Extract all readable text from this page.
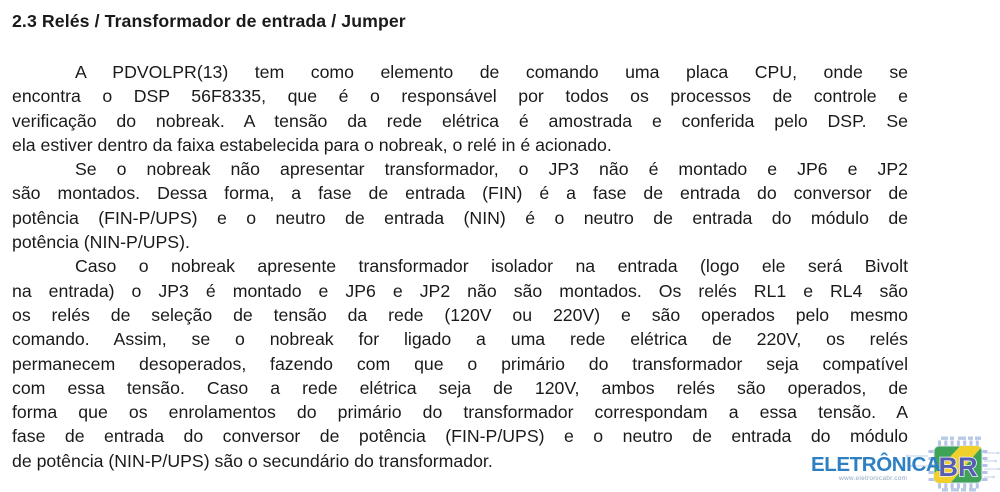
2.3 Relés / Transformador de entrada / Jumper
A PDVOLPR(13) tem como elemento de comando uma placa CPU, onde se
encontra o DSP 56F8335, que é o responsável por todos os processos de controle e
verificação do nobreak. A tensão da rede elétrica é amostrada e conferida pelo DSP. Se
ela estiver dentro da faixa estabelecida para o nobreak, o relé in é acionado.
Se o nobreak não apresentar transformador, o JP3 não é montado e JP6 e JP2
são montados. Dessa forma, a fase de entrada (FIN) é a fase de entrada do conversor de
potência (FIN-P/UPS) e o neutro de entrada (NIN) é o neutro de entrada do módulo de
potência (NIN-P/UPS).
Caso o nobreak apresente transformador isolador na entrada (logo ele será Bivolt
na entrada) o JP3 é montado e JP6 e JP2 não são montados. Os relés RL1 e RL4 são
os relés de seleção de tensão da rede (120V ou 220V) e são operados pelo mesmo
comando. Assim, se o nobreak for ligado a uma rede elétrica de 220V, os relés
permanecem desoperados, fazendo com que o primário do transformador seja compatível
com essa tensão. Caso a rede elétrica seja de 120V, ambos relés são operados, de
forma que os enrolamentos do primário do transformador correspondam a essa tensão. A
fase de entrada do conversor de potência (FIN-P/UPS) e o neutro de entrada do módulo
de potência (NIN-P/UPS) são o secundário do transformador.	BR
ELETRÔNICA
www.eletronicabr.com
